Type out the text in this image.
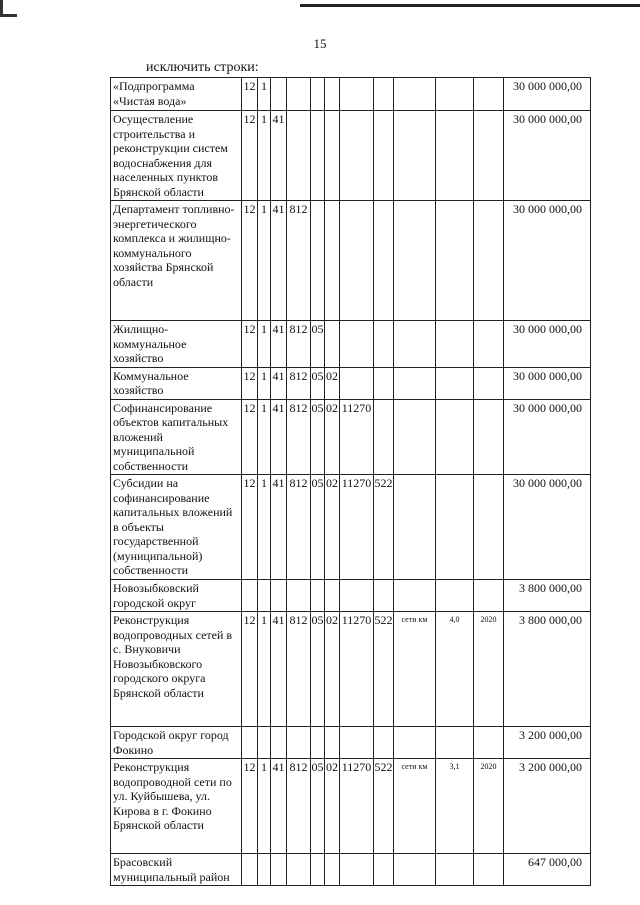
15
исключить строки:
«Подпрограмма «Чистая вода»	12	1										30 000 000,00
Осуществление строительства и реконструкции систем водоснабжения для населенных пунктов Брянской области	12	1	41									30 000 000,00
Департамент топливно-энергетического комплекса и жилищно-коммунального хозяйства Брянской области	12	1	41	812								30 000 000,00
Жилищно-коммунальное хозяйство	12	1	41	812	05							30 000 000,00
Коммунальное хозяйство	12	1	41	812	05	02						30 000 000,00
Софинансирование объектов капитальных вложений муниципальной собственности	12	1	41	812	05	02	11270					30 000 000,00
Субсидии на софинансирование капитальных вложений в объекты государственной (муниципальной) собственности	12	1	41	812	05	02	11270	522				30 000 000,00
Новозыбковский городской округ												3 800 000,00
Реконструкция водопроводных сетей в с. Внуковичи Новозыбковского городского округа Брянской области	12	1	41	812	05	02	11270	522	сети км	4,0	2020	3 800 000,00
Городской округ город Фокино												3 200 000,00
Реконструкция водопроводной сети по ул. Куйбышева, ул. Кирова в г. Фокино Брянской области	12	1	41	812	05	02	11270	522	сети км	3,1	2020	3 200 000,00
Брасовский муниципальный район												647 000,00
